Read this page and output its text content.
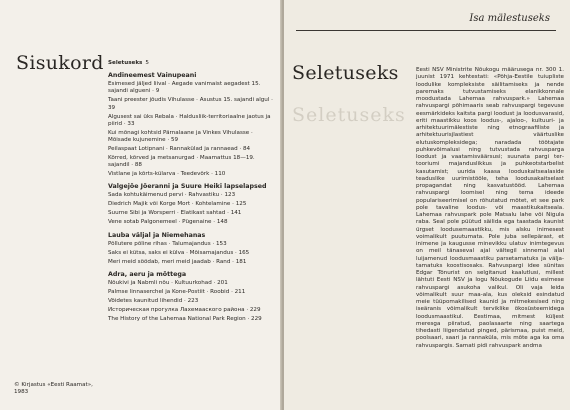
Sisukord Seletuseks 5
Andineemest Vainupeani
Esimesed jäljed liival · Aegade vanimaist aegadest 15. sajandi algueni · 9
Taani preester jõudis Vihulasse · Asustus 15. sajandi algul · 39
Algusest sai üks Rebala · Haldusliik-territoriaalne jaotus ja piirid · 33
Kui mõnagi kohtsid Pärnalaane ja Vinkes Vihulasse · Mõisade kujunemine · 59
Peilaspaat Lotipnani · Rannakülad ja rannaead · 84
Kõrred, kõrved ja metsanurgad · Maamattus 18—19. sajandil · 88
Vistlane ja kõrts-külarva · Teedevõrk · 110
Valgejõe Jõeranni ja Suure Heiki lapselapsed
Sada kohtukäimenud pervi · Rahvastiku · 123
Diedrich Majik või Korge Mort · Kohtelamine · 125
Suurne Sibi ja Worsperri · Elatikast sahtad · 141
Vene sotab Palgonemeel · Pügenaine · 148
Lauba väljal ja Niemehanas
Põllutere põline rihas · Talumajandus · 153
Saks ei kütsa, saks ei külva · Mõisamajandus · 165
Meri meid söödab, meri meid jaadab · Rand · 181
Adra, aeru ja mõttega
Nõukivi ja Nabmli nõu · Kultuurkohad · 201
Palmse linnaserchel ja Kone-Postiit · Roobid · 211
Võidetes kaunitud lihendid · 223
Историческая прогулка Лахемааского района · 229
The History of the Lahemaa National Park Region · 229
© Kirjastus «Eesti Raamat», 1983
Isa mälestuseks
Seletuseks
Seletuseks
Eesti NSV Ministrite Nõukogu määrusega nr. 300 1. juunist 1971 kehtestati: «Põhja-Eestile tuiupliste loodulike kompleksiste säilitamiseks ja nende paremaks tutvustamiseks elanikkonnale moodustada Lahemaa rahvuspark.» Lahemaa rahvuspargi põhimaaris seab rahvuspargi tegevuse eesmärkideks kaitsta pargi loodust ja loodusvarasid, eriti maastikku koos loodus-, ajaloo-, kultuuri- ja arhitektuurimälestiste ning etnograafiliste ja arhitektuurisjlastiest väärtuslike elutuskompleksidega; naradada töötajate puhkevõimalusi ning tutvustada rahvusparga loodust ja vaatamisväärsusi; suunata pargi tertooriumi majanduslikkus ja puhkeotstarbelist kasutamist; uurida kaasa looduskaitsealaside teaduslike uurimistööle, teha loodusakaitselast propagandat ning kasvatustööd. Lahemaa rahvuspargi loomisel ning tema ideede populariseerimisel on rõhutatud mõtet, et see park pole tavaline loodus- või maastikukaitseala. Lahemaa rahvuspark pole Matsalu lahe või Nigula raba. Seal pole püütud säilida ega taastada kaunist ürgset loodusemaastikku, mis alsku inimesest voimalikult puutumata. Pole juba sellepärast, et inimene ja kaugusse minevikku ulatuv inimtegevus on meil tänaseval ajal vältegil sinnemal alal luijamenud loodusmaastiku parsetamatuks ja väljatamatuks koostisosaks. Rahvuspargi idee sünitas Edgar Tõnurist on selgitanud kaalutlusi, millest lähtuti Eesti NSV ja logu Nõukogude Liidu esimese rahvuspargi asukoha valikul. Oli vaja leida võimalikult suur maa-ala, kus oleksid esindatud meie tüüpomakilised kaunid ja mitmekesised ning iseäranis võimalikult terviklike ökosüsteemidega loodusmaastikul. Eestimaa, mitmest küljest meresga piiratud, paolasaarte ning saartega tihedasti liigendatud pinged, pärismaa, puist meid, poolsaari, saari ja rannaküla, mis mõte aga ka oma rahvuspargis. Samati pidi rahvuspark andma
